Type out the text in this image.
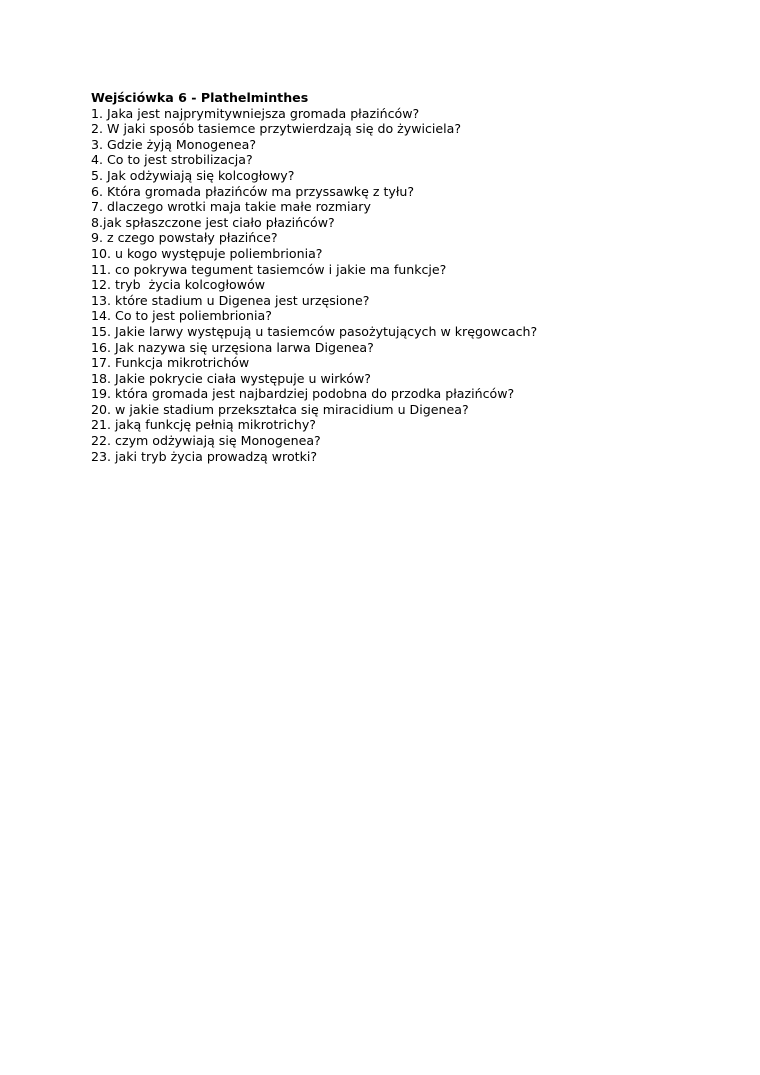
Wejściówka 6 - Plathelminthes
1. Jaka jest najprymitywniejsza gromada płazińców?
2. W jaki sposób tasiemce przytwierdzają się do żywiciela?
3. Gdzie żyją Monogenea?
4. Co to jest strobilizacja?
5. Jak odżywiają się kolcogłowy?
6. Która gromada płazińców ma przyssawkę z tyłu?
7. dlaczego wrotki maja takie małe rozmiary
8.jak spłaszczone jest ciało płazińców?
9. z czego powstały płazińce?
10. u kogo występuje poliembrionia?
11. co pokrywa tegument tasiemców i jakie ma funkcje?
12. tryb  życia kolcogłowów
13. które stadium u Digenea jest urzęsione?
14. Co to jest poliembrionia?
15. Jakie larwy występują u tasiemców pasożytujących w kręgowcach?
16. Jak nazywa się urzęsiona larwa Digenea?
17. Funkcja mikrotrichów
18. Jakie pokrycie ciała występuje u wirków?
19. która gromada jest najbardziej podobna do przodka płazińców?
20. w jakie stadium przekształca się miracidium u Digenea?
21. jaką funkcję pełnią mikrotrichy?
22. czym odżywiają się Monogenea?
23. jaki tryb życia prowadzą wrotki?
